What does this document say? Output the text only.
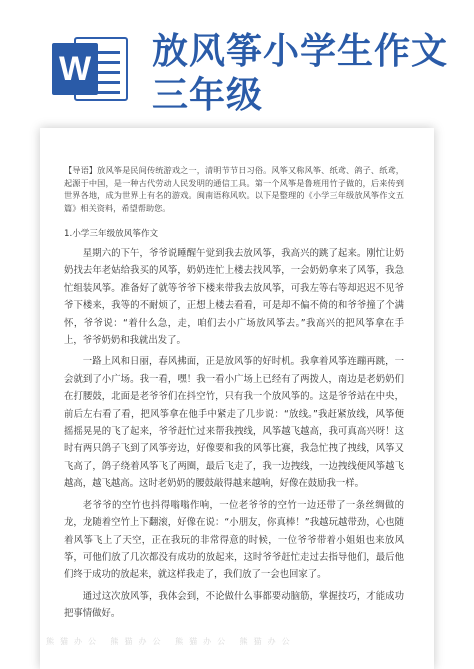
W 放风筝小学生作文三年级

【导语】放风筝是民间传统游戏之一，清明节节日习俗。风筝又称风筝、纸鸢、鸽子、纸鸢，起源于中国，是一种古代劳动人民发明的通信工具。第一个风筝是鲁班用竹子做的，后来传到世界各地，成为世界上有名的游戏。闽南语称风吹。以下是整理的《小学三年级放风筝作文五篇》相关资料，希望帮助您。

1.小学三年级放风筝作文

星期六的下午，爷爷说睡醒午觉到我去放风筝，我高兴的跳了起来。刚忙让奶奶找去年老姑给我买的风筝，奶奶连忙上楼去找风筝，一会奶奶拿来了风筝，我急忙组装风筝。准备好了就等爷爷下楼来带我去放风筝，可我左等右等却迟迟不见爷爷下楼来，我等的不耐烦了，正想上楼去看看，可是却不偏不倚的和爷爷撞了个满怀，爷爷说：“着什么急，走，咱们去小广场放风筝去。”我高兴的把风筝拿在手上，爷爷奶奶和我就出发了。

一路上风和日丽，春风拂面，正是放风筝的好时机。我拿着风筝连蹦再跳，一会就到了小广场。我一看，嘿！我一看小广场上已经有了两拨人，南边是老奶奶们在打腰鼓，北面是老爷爷们在抖空竹，只有我一个放风筝的。这是爷爷站在中央，前后左右看了看，把风筝拿在他手中紧走了几步说：“放线。”我赶紧放线，风筝便摇摇晃晃的飞了起来，爷爷赶忙过来帮我拽线，风筝越飞越高，我可真高兴呀！这时有两只鸽子飞到了风筝旁边，好像要和我的风筝比赛，我急忙拽了拽线，风筝又飞高了，鸽子绕着风筝飞了两圈，最后飞走了，我一边拽线，一边拽线便风筝越飞越高，越飞越高。这时老奶奶的腰鼓敲得越来越响，好像在鼓励我一样。

老爷爷的空竹也抖得嗡嗡作响，一位老爷爷的空竹一边还带了一条丝绸做的龙，龙随着空竹上下翻滚，好像在说：“小朋友，你真棒！”我越玩越带劲，心也随着风筝飞上了天空，正在我玩的非常得意的时候，一位爷爷带着小姐姐也来放风筝，可他们放了几次都没有成功的放起来，这时爷爷赶忙走过去指导他们，最后他们终于成功的放起来，就这样我走了，我们放了一会也回家了。

通过这次放风筝，我体会到，不论做什么事都要动脑筋，掌握技巧，才能成功把事情做好。

熊猫办公 熊猫办公 熊猫办公 熊猫办公
